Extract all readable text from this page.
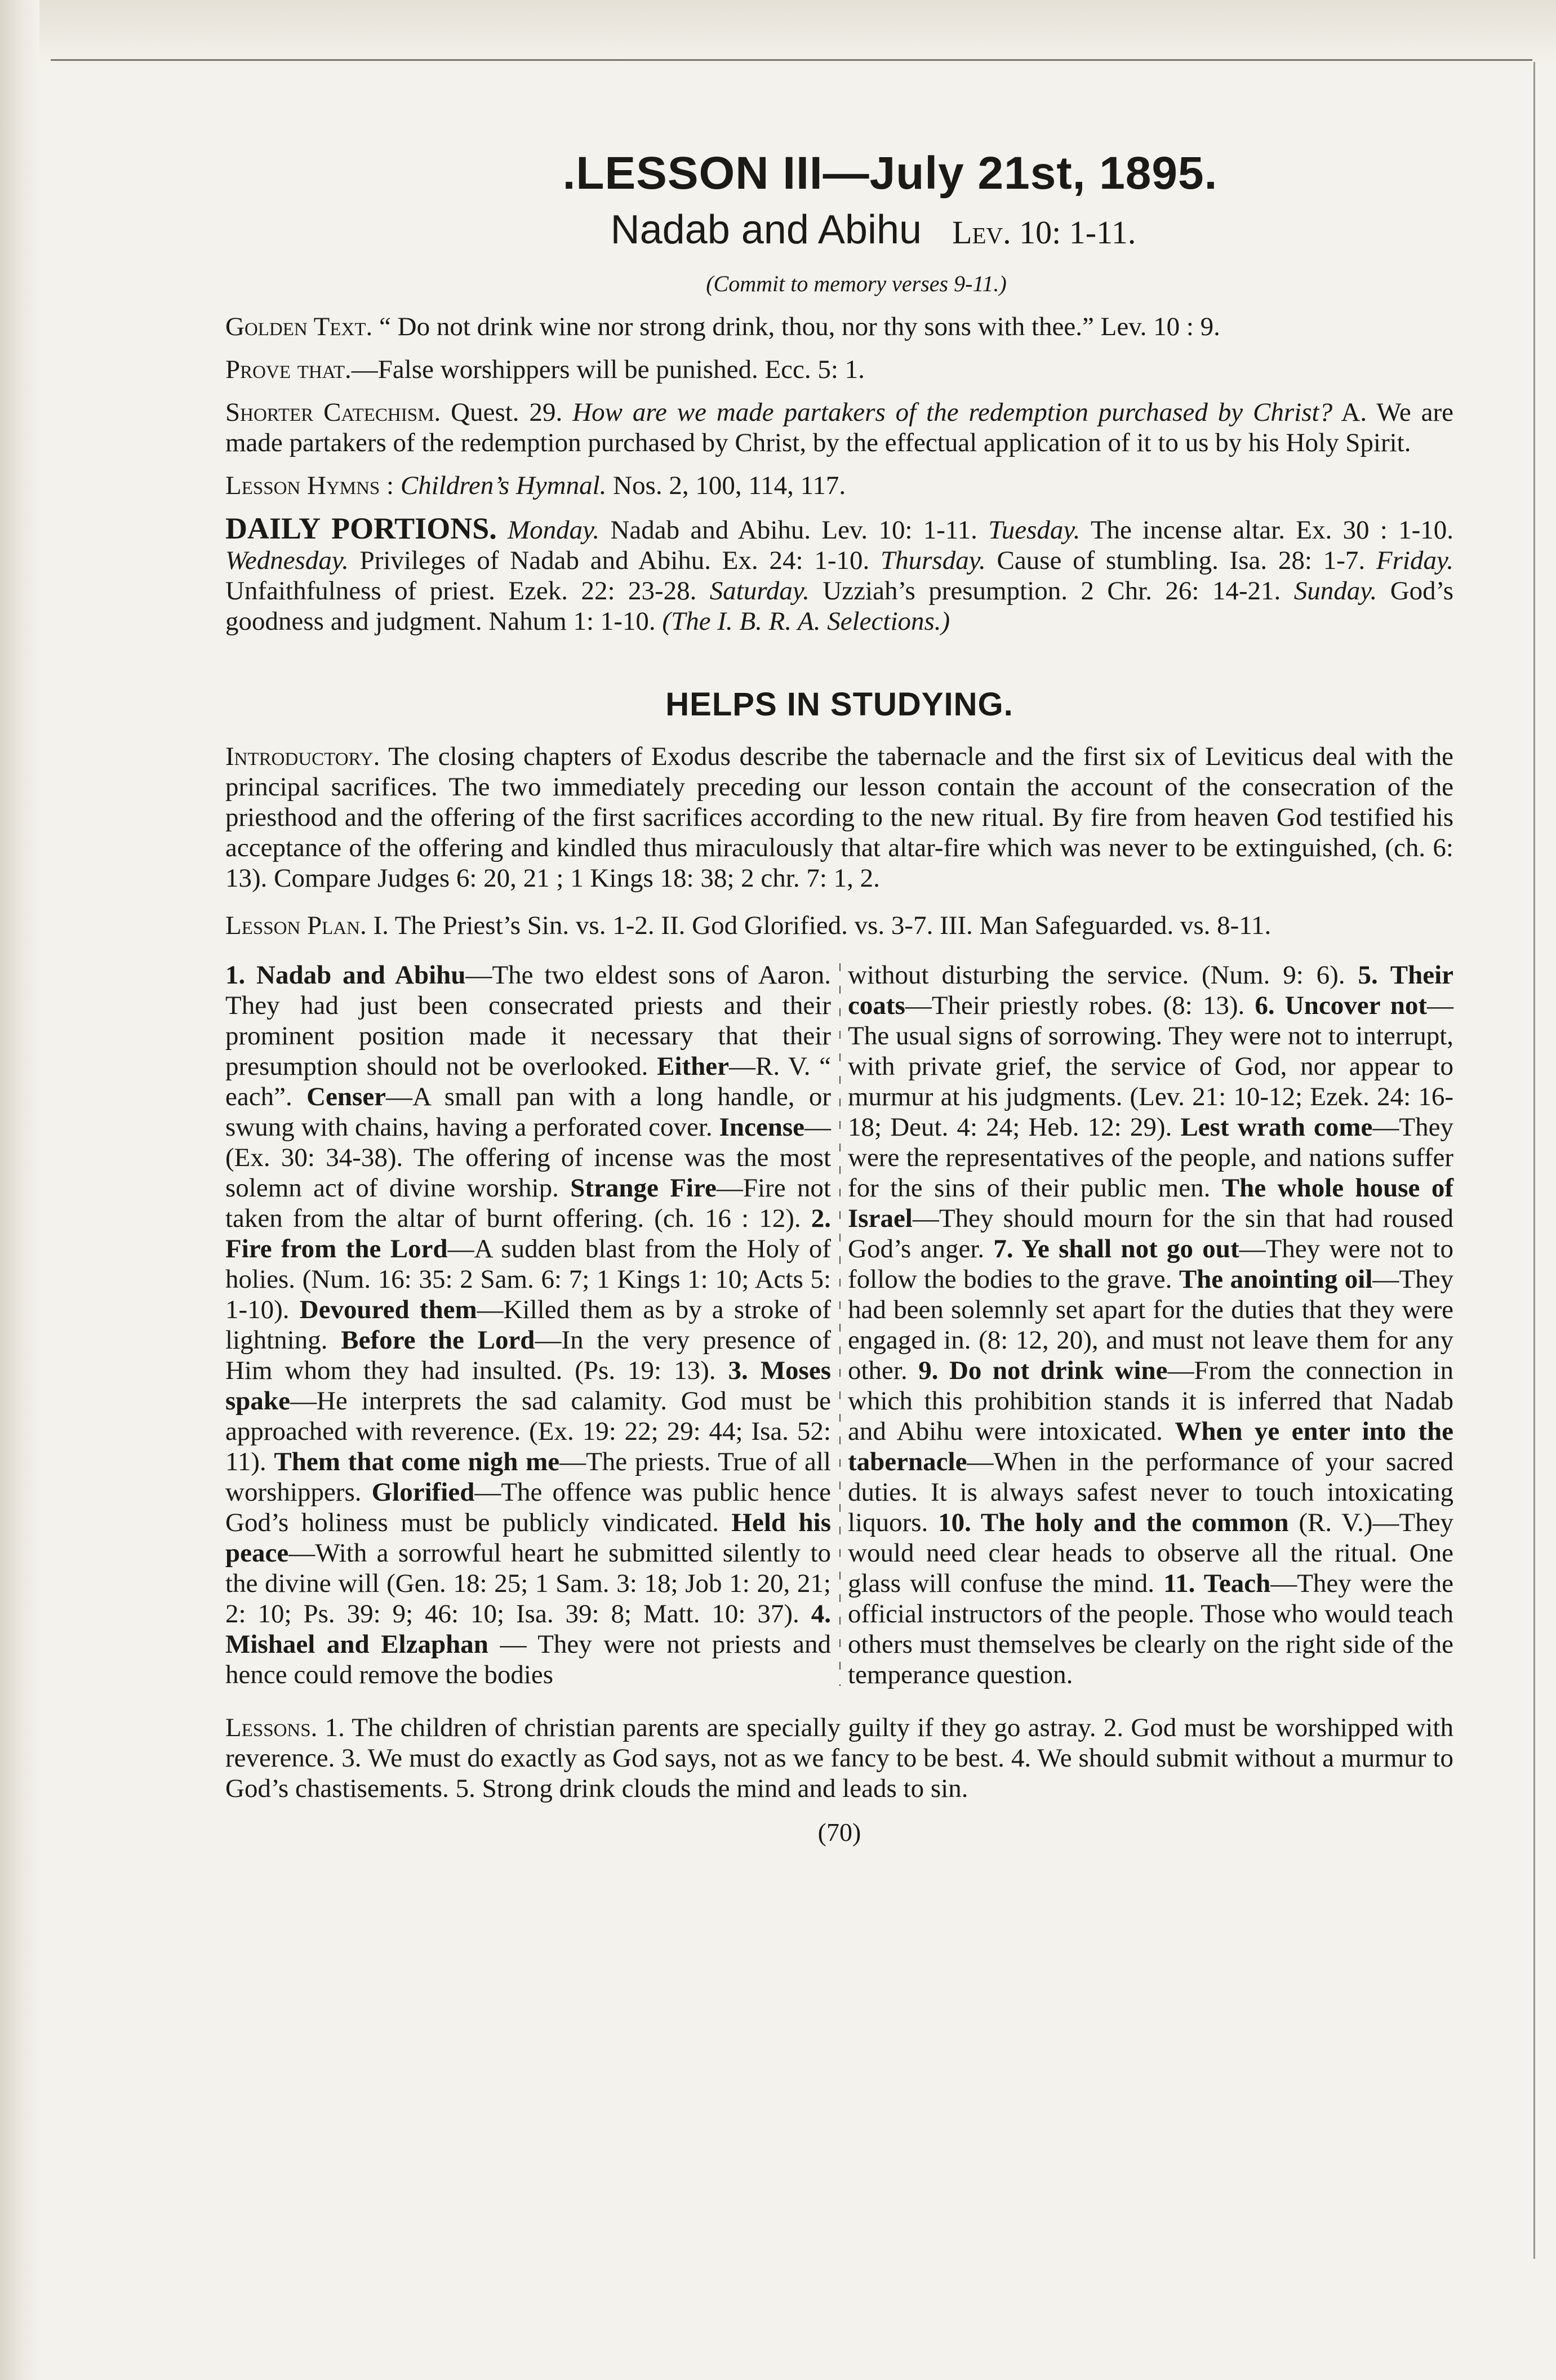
.LESSON III—July 21st, 1895.
Nadab and Abihu Lev. 10: 1-11.
(Commit to memory verses 9-11.)
Golden Text. “ Do not drink wine nor strong drink, thou, nor thy sons with thee.” Lev. 10 : 9.
Prove that.—False worshippers will be punished. Ecc. 5: 1.
Shorter Catechism. Quest. 29. How are we made partakers of the redemption purchased by Christ? A. We are made partakers of the redemption purchased by Christ, by the effectual application of it to us by his Holy Spirit.
Lesson Hymns : Children’s Hymnal. Nos. 2, 100, 114, 117.
DAILY PORTIONS. Monday. Nadab and Abihu. Lev. 10: 1-11. Tuesday. The incense altar. Ex. 30 : 1-10. Wednesday. Privileges of Nadab and Abihu. Ex. 24: 1-10. Thursday. Cause of stumbling. Isa. 28: 1-7. Friday. Unfaithfulness of priest. Ezek. 22: 23-28. Saturday. Uzziah’s presumption. 2 Chr. 26: 14-21. Sunday. God’s goodness and judgment. Nahum 1: 1-10. (The I. B. R. A. Selections.)
HELPS IN STUDYING.
Introductory. The closing chapters of Exodus describe the tabernacle and the first six of Leviticus deal with the principal sacrifices. The two immediately preceding our lesson contain the account of the consecration of the priesthood and the offering of the first sacrifices according to the new ritual. By fire from heaven God testified his acceptance of the offering and kindled thus miraculously that altar-fire which was never to be extinguished, (ch. 6: 13). Compare Judges 6: 20, 21 ; 1 Kings 18: 38; 2 chr. 7: 1, 2.
Lesson Plan. I. The Priest’s Sin. vs. 1-2. II. God Glorified. vs. 3-7. III. Man Safeguarded. vs. 8-11.
1. Nadab and Abihu—The two eldest sons of Aaron. They had just been consecrated priests and their prominent position made it necessary that their presumption should not be overlooked. Either—R. V. “ each”. Censer—A small pan with a long handle, or swung with chains, having a perforated cover. Incense—(Ex. 30: 34-38). The offering of incense was the most solemn act of divine worship. Strange Fire—Fire not taken from the altar of burnt offering. (ch. 16 : 12). 2. Fire from the Lord—A sudden blast from the Holy of holies. (Num. 16: 35: 2 Sam. 6: 7; 1 Kings 1: 10; Acts 5: 1-10). Devoured them—Killed them as by a stroke of lightning. Before the Lord—In the very presence of Him whom they had insulted. (Ps. 19: 13). 3. Moses spake—He interprets the sad calamity. God must be approached with reverence. (Ex. 19: 22; 29: 44; Isa. 52: 11). Them that come nigh me—The priests. True of all worshippers. Glorified—The offence was public hence God’s holiness must be publicly vindicated. Held his peace—With a sorrowful heart he submitted silently to the divine will (Gen. 18: 25; 1 Sam. 3: 18; Job 1: 20, 21; 2: 10; Ps. 39: 9; 46: 10; Isa. 39: 8; Matt. 10: 37). 4. Mishael and Elzaphan — They were not priests and hence could remove the bodies
without disturbing the service. (Num. 9: 6). 5. Their coats—Their priestly robes. (8: 13). 6. Uncover not—The usual signs of sorrowing. They were not to interrupt, with private grief, the service of God, nor appear to murmur at his judgments. (Lev. 21: 10-12; Ezek. 24: 16-18; Deut. 4: 24; Heb. 12: 29). Lest wrath come—They were the representatives of the people, and nations suffer for the sins of their public men. The whole house of Israel—They should mourn for the sin that had roused God’s anger. 7. Ye shall not go out—They were not to follow the bodies to the grave. The anointing oil—They had been solemnly set apart for the duties that they were engaged in. (8: 12, 20), and must not leave them for any other. 9. Do not drink wine—From the connection in which this prohibition stands it is inferred that Nadab and Abihu were intoxicated. When ye enter into the tabernacle—When in the performance of your sacred duties. It is always safest never to touch intoxicating liquors. 10. The holy and the common (R. V.)—They would need clear heads to observe all the ritual. One glass will confuse the mind. 11. Teach—They were the official instructors of the people. Those who would teach others must themselves be clearly on the right side of the temperance question.
Lessons. 1. The children of christian parents are specially guilty if they go astray. 2. God must be worshipped with reverence. 3. We must do exactly as God says, not as we fancy to be best. 4. We should submit without a murmur to God’s chastisements. 5. Strong drink clouds the mind and leads to sin.
(70)
